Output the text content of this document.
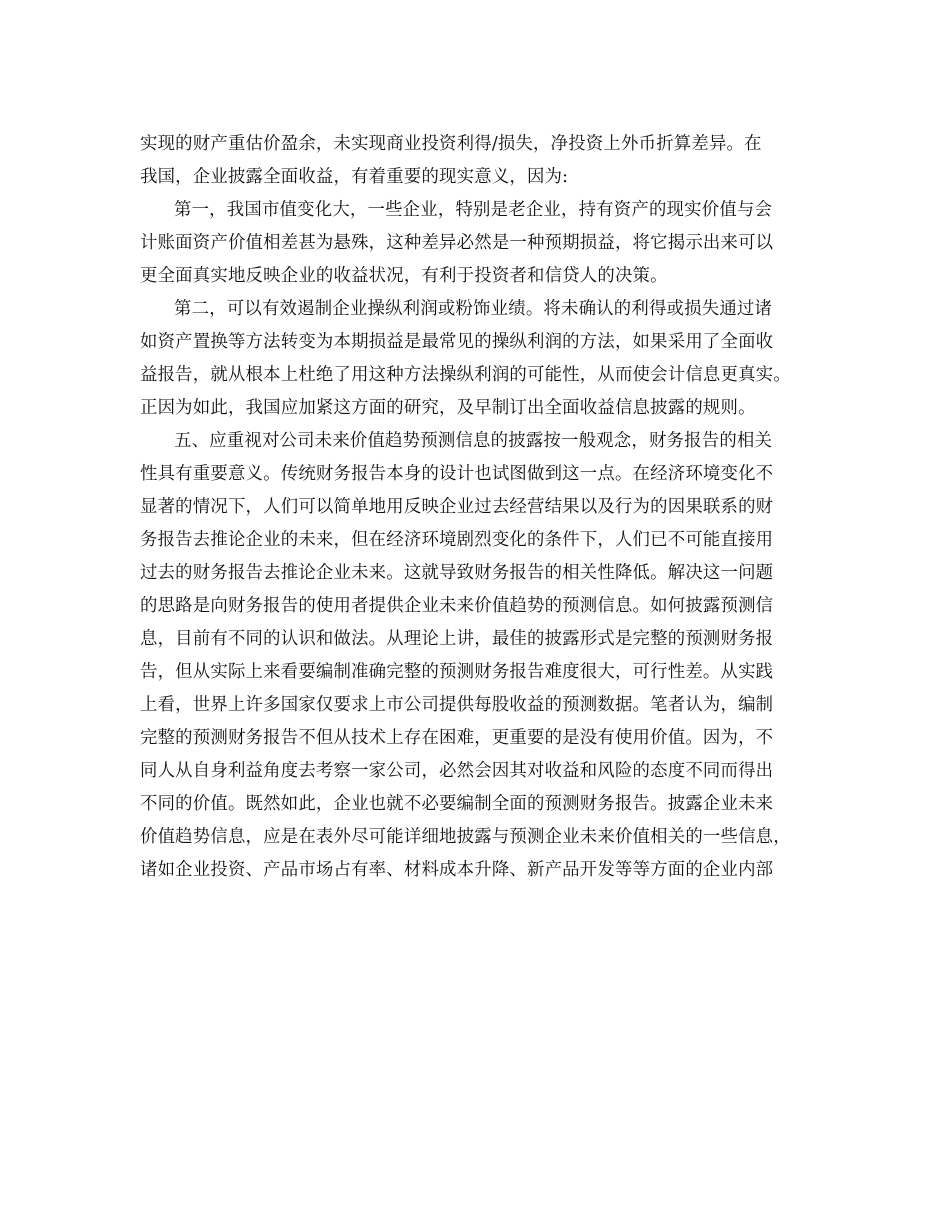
实现的财产重估价盈余，未实现商业投资利得/损失，净投资上外币折算差异。在
我国，企业披露全面收益，有着重要的现实意义，因为:
第一，我国市值变化大，一些企业，特别是老企业，持有资产的现实价值与会
计账面资产价值相差甚为悬殊，这种差异必然是一种预期损益，将它揭示出来可以
更全面真实地反映企业的收益状况，有利于投资者和信贷人的决策。
第二，可以有效遏制企业操纵利润或粉饰业绩。将未确认的利得或损失通过诸
如资产置换等方法转变为本期损益是最常见的操纵利润的方法，如果采用了全面收
益报告，就从根本上杜绝了用这种方法操纵利润的可能性，从而使会计信息更真实。
正因为如此，我国应加紧这方面的研究，及早制订出全面收益信息披露的规则。
五、应重视对公司未来价值趋势预测信息的披露按一般观念，财务报告的相关
性具有重要意义。传统财务报告本身的设计也试图做到这一点。在经济环境变化不
显著的情况下，人们可以简单地用反映企业过去经营结果以及行为的因果联系的财
务报告去推论企业的未来，但在经济环境剧烈变化的条件下，人们已不可能直接用
过去的财务报告去推论企业未来。这就导致财务报告的相关性降低。解决这一问题
的思路是向财务报告的使用者提供企业未来价值趋势的预测信息。如何披露预测信
息，目前有不同的认识和做法。从理论上讲，最佳的披露形式是完整的预测财务报
告，但从实际上来看要编制准确完整的预测财务报告难度很大，可行性差。从实践
上看，世界上许多国家仅要求上市公司提供每股收益的预测数据。笔者认为，编制
完整的预测财务报告不但从技术上存在困难，更重要的是没有使用价值。因为，不
同人从自身利益角度去考察一家公司，必然会因其对收益和风险的态度不同而得出
不同的价值。既然如此，企业也就不必要编制全面的预测财务报告。披露企业未来
价值趋势信息，应是在表外尽可能详细地披露与预测企业未来价值相关的一些信息，
诸如企业投资、产品市场占有率、材料成本升降、新产品开发等等方面的企业内部
